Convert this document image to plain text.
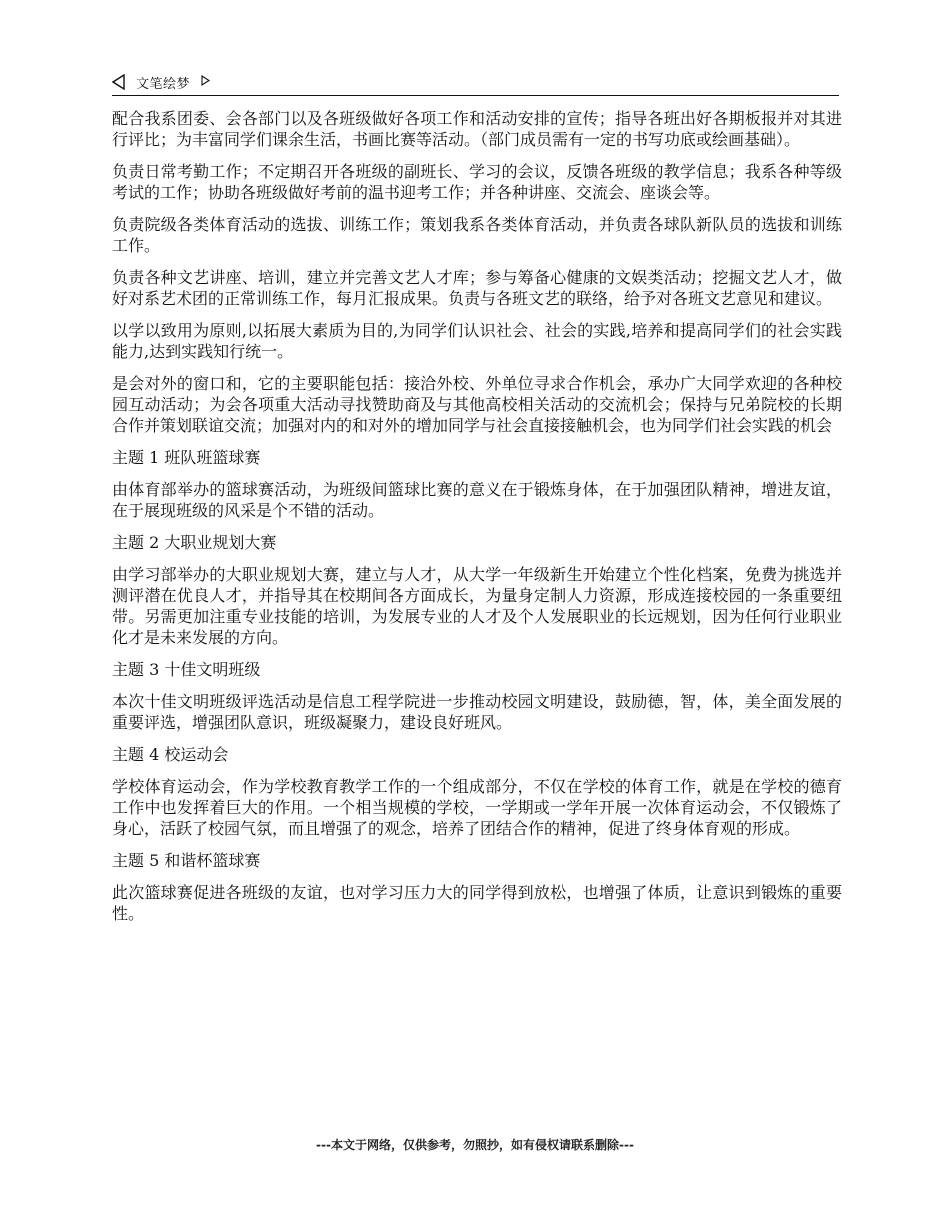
文笔绘梦

配合我系团委、会各部门以及各班级做好各项工作和活动安排的宣传；指导各班出好各期板报并对其进行评比；为丰富同学们课余生活，书画比赛等活动。（部门成员需有一定的书写功底或绘画基础）。

负责日常考勤工作；不定期召开各班级的副班长、学习的会议，反馈各班级的教学信息；我系各种等级考试的工作；协助各班级做好考前的温书迎考工作；并各种讲座、交流会、座谈会等。

负责院级各类体育活动的选拔、训练工作；策划我系各类体育活动，并负责各球队新队员的选拔和训练工作。

负责各种文艺讲座、培训，建立并完善文艺人才库；参与筹备心健康的文娱类活动；挖掘文艺人才，做好对系艺术团的正常训练工作，每月汇报成果。负责与各班文艺的联络，给予对各班文艺意见和建议。

以学以致用为原则,以拓展大素质为目的,为同学们认识社会、社会的实践,培养和提高同学们的社会实践能力,达到实践知行统一。

是会对外的窗口和，它的主要职能包括：接洽外校、外单位寻求合作机会，承办广大同学欢迎的各种校园互动活动；为会各项重大活动寻找赞助商及与其他高校相关活动的交流机会；保持与兄弟院校的长期合作并策划联谊交流；加强对内的和对外的增加同学与社会直接接触机会，也为同学们社会实践的机会

主题 1 班队班篮球赛

由体育部举办的篮球赛活动，为班级间篮球比赛的意义在于锻炼身体，在于加强团队精神，增进友谊，在于展现班级的风采是个不错的活动。

主题 2 大职业规划大赛

由学习部举办的大职业规划大赛，建立与人才，从大学一年级新生开始建立个性化档案，免费为挑选并测评潜在优良人才，并指导其在校期间各方面成长，为量身定制人力资源，形成连接校园的一条重要纽带。另需更加注重专业技能的培训，为发展专业的人才及个人发展职业的长远规划，因为任何行业职业化才是未来发展的方向。

主题 3 十佳文明班级

本次十佳文明班级评选活动是信息工程学院进一步推动校园文明建设，鼓励德，智，体，美全面发展的重要评选，增强团队意识，班级凝聚力，建设良好班风。

主题 4 校运动会

学校体育运动会，作为学校教育教学工作的一个组成部分，不仅在学校的体育工作，就是在学校的德育工作中也发挥着巨大的作用。一个相当规模的学校，一学期或一学年开展一次体育运动会，不仅锻炼了身心，活跃了校园气氛，而且增强了的观念，培养了团结合作的精神，促进了终身体育观的形成。

主题 5 和谐杯篮球赛

此次篮球赛促进各班级的友谊，也对学习压力大的同学得到放松，也增强了体质，让意识到锻炼的重要性。

---本文于网络，仅供参考，勿照抄，如有侵权请联系删除---
